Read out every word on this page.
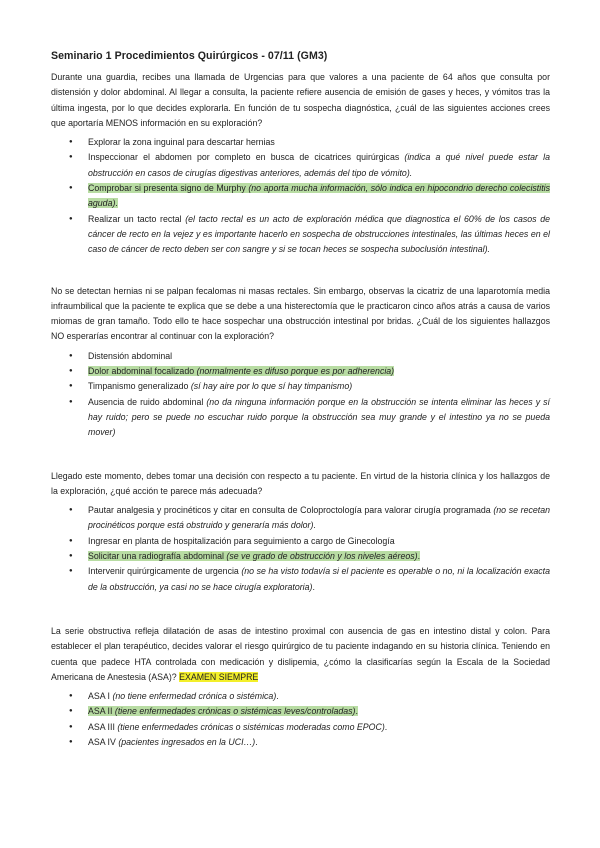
Seminario 1 Procedimientos Quirúrgicos - 07/11 (GM3)

Durante una guardia, recibes una llamada de Urgencias para que valores a una paciente de 64 años que consulta por distensión y dolor abdominal. Al llegar a consulta, la paciente refiere ausencia de emisión de gases y heces, y vómitos tras la última ingesta, por lo que decides explorarla. En función de tu sospecha diagnóstica, ¿cuál de las siguientes acciones crees que aportaría MENOS información en su exploración?

● Explorar la zona inguinal para descartar hernias
● Inspeccionar el abdomen por completo en busca de cicatrices quirúrgicas (indica a qué nivel puede estar la obstrucción en casos de cirugías digestivas anteriores, además del tipo de vómito).
● Comprobar si presenta signo de Murphy (no aporta mucha información, sólo indica en hipocondrio derecho colecistitis aguda).
● Realizar un tacto rectal (el tacto rectal es un acto de exploración médica que diagnostica el 60% de los casos de cáncer de recto en la vejez y es importante hacerlo en sospecha de obstrucciones intestinales, las últimas heces en el caso de cáncer de recto deben ser con sangre y si se tocan heces se sospecha suboclusión intestinal).

No se detectan hernias ni se palpan fecalomas ni masas rectales. Sin embargo, observas la cicatriz de una laparotomía media infraumbilical que la paciente te explica que se debe a una histerectomía que le practicaron cinco años atrás a causa de varios miomas de gran tamaño. Todo ello te hace sospechar una obstrucción intestinal por bridas. ¿Cuál de los siguientes hallazgos NO esperarías encontrar al continuar con la exploración?

● Distensión abdominal
● Dolor abdominal focalizado (normalmente es difuso porque es por adherencia)
● Timpanismo generalizado (sí hay aire por lo que sí hay timpanismo)
● Ausencia de ruido abdominal (no da ninguna información porque en la obstrucción se intenta eliminar las heces y sí hay ruido; pero se puede no escuchar ruido porque la obstrucción sea muy grande y el intestino ya no se pueda mover)

Llegado este momento, debes tomar una decisión con respecto a tu paciente. En virtud de la historia clínica y los hallazgos de la exploración, ¿qué acción te parece más adecuada?

● Pautar analgesia y procinéticos y citar en consulta de Coloproctología para valorar cirugía programada (no se recetan procinéticos porque está obstruido y generaría más dolor).
● Ingresar en planta de hospitalización para seguimiento a cargo de Ginecología
● Solicitar una radiografía abdominal (se ve grado de obstrucción y los niveles aéreos).
● Intervenir quirúrgicamente de urgencia (no se ha visto todavía si el paciente es operable o no, ni la localización exacta de la obstrucción, ya casi no se hace cirugía exploratoria).

La serie obstructiva refleja dilatación de asas de intestino proximal con ausencia de gas en intestino distal y colon. Para establecer el plan terapéutico, decides valorar el riesgo quirúrgico de tu paciente indagando en su historia clínica. Teniendo en cuenta que padece HTA controlada con medicación y dislipemia, ¿cómo la clasificarías según la Escala de la Sociedad Americana de Anestesia (ASA)? EXAMEN SIEMPRE

● ASA I (no tiene enfermedad crónica o sistémica).
● ASA II (tiene enfermedades crónicas o sistémicas leves/controladas).
● ASA III (tiene enfermedades crónicas o sistémicas moderadas como EPOC).
● ASA IV (pacientes ingresados en la UCI…).
